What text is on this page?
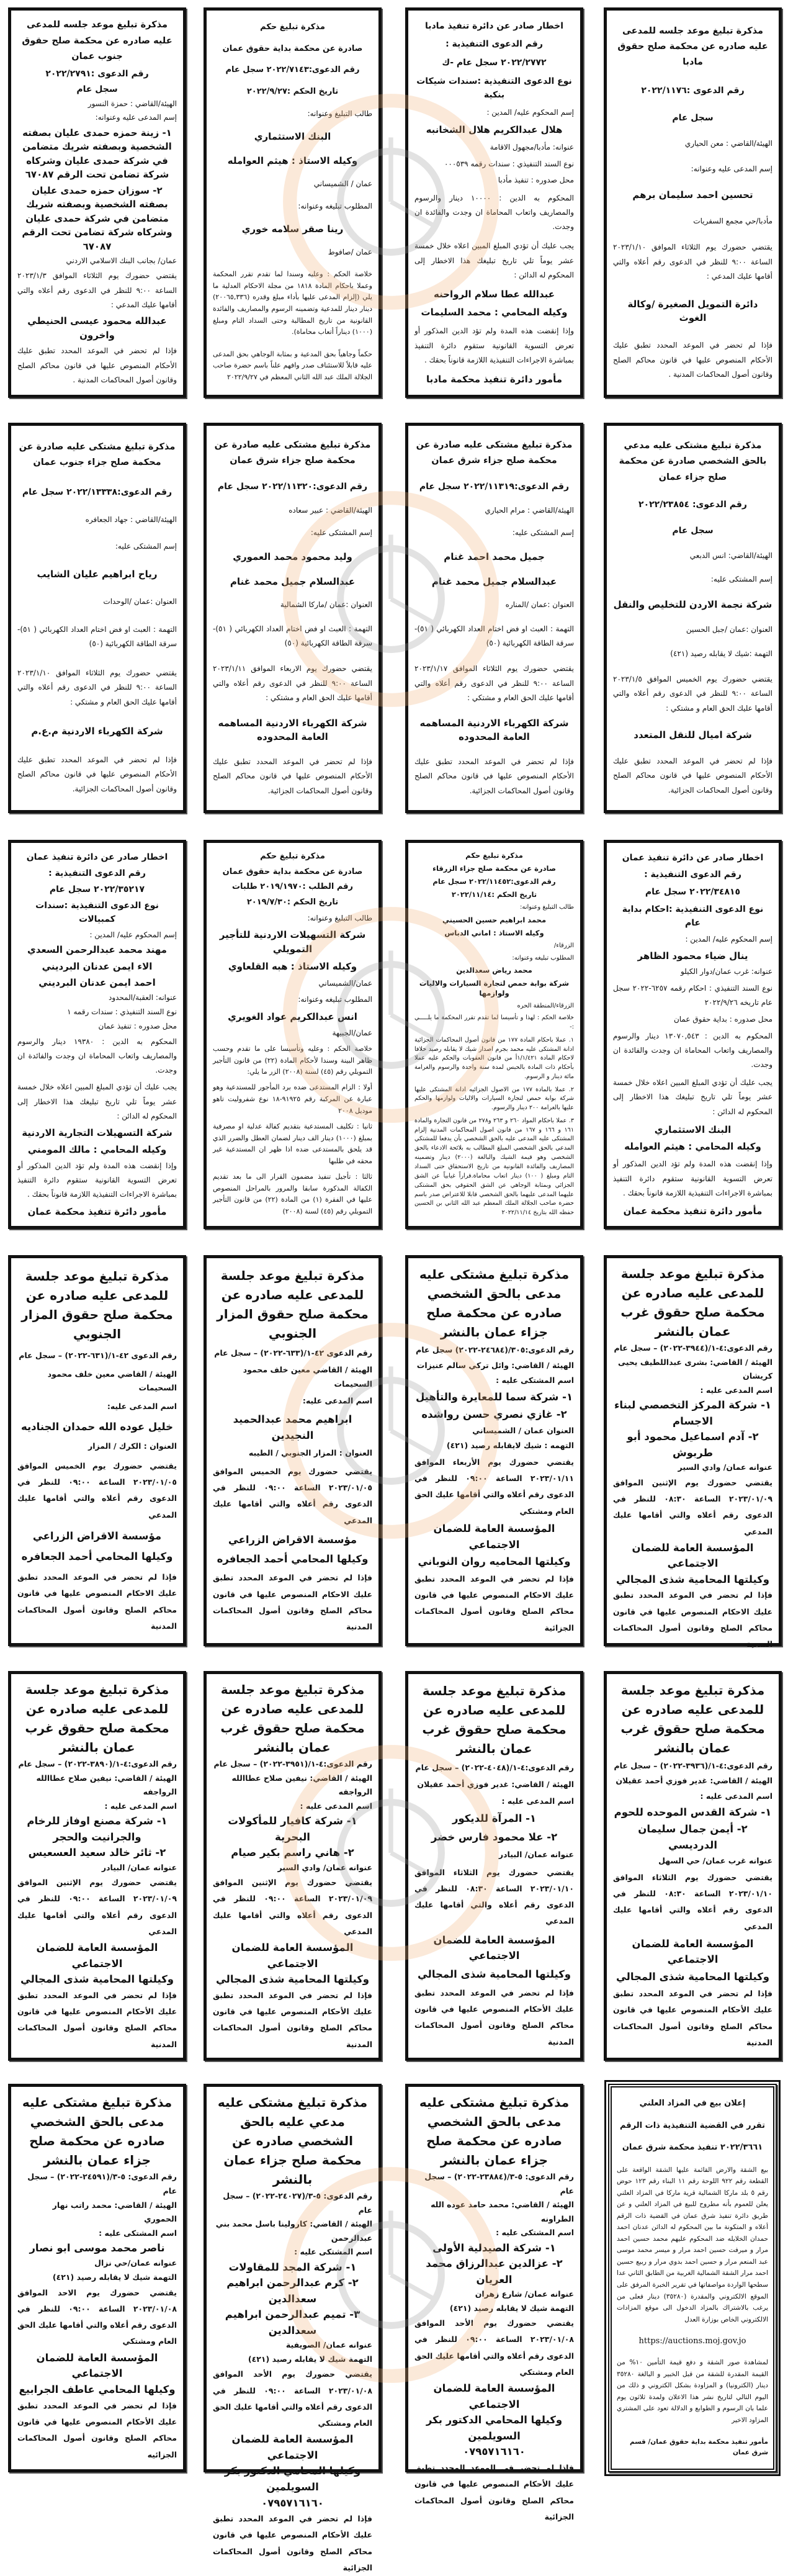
مذكرة تبليغ موعد جلسه للمدعى عليه صادره عن محكمة صلح حقوق مادبا

رقم الدعوى :٢٠٢٢/١١٧٦

سجل عام

الهيئة/القاضي : معن الحياري

إسم المدعى عليه وعنوانه:

تحسين احمد سليمان برهم

مأدبا/حي مجمع السفريات

يقتضي حضورك يوم الثلاثاء الموافق ٢٠٢٣/١/١٠ الساعة ٩:٠٠ للنظر في الدعوى رقم أعلاه والتي أقامها عليك المدعي :

دائرة التمويل الصغيرة /وكالة الغوث

فإذا لم تحضر في الموعد المحدد تطبق عليك الأحكام المنصوص عليها في قانون محاكم الصلح وقانون أصول المحاكمات المدنية .

اخطار صادر عن دائرة تنفيذ مادبا

رقم الدعوى التنفيذية :

٢٠٢٢/٢٧٧٢ سجل عام -ك

نوع الدعوى التنفيذية :سندات شيكات بنكية

إسم المحكوم عليه/ المدين :

هلال عبدالكريم هلال الشخانبه

عنوانه: مأدبا/مجهول الاقامة

نوع السند التنفيذي : سندات رقمه ٠٠٠٥٣٩

محل صدوره : تنفيذ مأدبا

المحكوم به الدين : ١٠٠٠٠ دينار والرسوم والمصاريف واتعاب المحاماة ان وجدت والفائدة ان وجدت.

يجب عليك أن تؤدي المبلغ المبين اعلاه خلال خمسة عشر يوماً تلي تاريخ تبليغك هذا الاخطار إلى المحكوم له الدائن :

عبدالله عطا سلام الرواحنه

وكيله المحامي : محمد السليمات

وإذا إنقضت هذه المدة ولم تؤد الدين المذكور أو تعرض التسوية القانونية ستقوم دائرة التنفيذ بمباشرة الاجراءات التنفيذية اللازمة قانوناً بحقك .

مأمور دائرة تنفيذ محكمة مادبا

مذكرة تبليغ حكم

صادرة عن محكمة بداية حقوق عمان

رقم الدعوى:٢٠٢٢/٧١٤٣ سجل عام

تاريخ الحكم :٢٠٢٢/٩/٢٧

طالب التبليغ وعنوانه:

البنك الاستثماري

وكيله الاستاذ : هيثم العوامله

عمان / الشميساني

المطلوب تبليغه وعنوانه:

رينا صقر سلامه خوري

عمان /صافوط

خلاصة الحكم : وعليه وسندا لما تقدم تقرر المحكمة وعملا باحكام المادة ١٨١٨ من مجلة الاحكام العدلية ما يلي (إلزام المدعى عليها بأداء مبلغ وقدره (٢٠٠٦٥,٣٣٦) دينار دينار للمدعية وتضمينه الرسوم والمصاريف والفائدة القانونية من تاريخ المطالبة وحتى السداد التام ومبلغ (١٠٠٠) ديناراً أتعاب محاماة).

حكماً وجاهياً بحق المدعية و بمثابة الوجاهي بحق المدعى عليه قابلاً للاستئناف صدر وافهم علناً باسم حضرة صاحب الجلالة الملك عبد الله الثاني المعظم في ٢٠٢٢/٩/٢٧

مذكرة تبليغ موعد جلسه للمدعى عليه صادره عن محكمة صلح حقوق جنوب عمان

رقم الدعوى :٢٠٢٢/٢٧٩١

سجل عام

الهيئة/القاضي : حمزة النسور

إسم المدعى عليه وعنوانه:

١- زينة حمزه حمدى عليان بصفته الشخصية وبصفته شريك متضامن في شركة حمدى عليان وشركاه شركة تضامن تحت الرقم ٦٧٠٨٧

٢- سوزان حمزه حمدى عليان بصفته الشخصية وبصفته شريك متضامن في شركة حمدى عليان وشركاه شركة تضامن تحت الرقم ٦٧٠٨٧

عمان/ بجانب البنك الاسلامي الاردني

يقتضي حضورك يوم الثلاثاء الموافق ٢٠٢٣/١/٣ الساعة ٩:٠٠ للنظر في الدعوى رقم أعلاه والتي أقامها عليك المدعي :

عبدالله محمود عيسى الحنيطي واخرون

فإذا لم تحضر في الموعد المحدد تطبق عليك الأحكام المنصوص عليها في قانون محاكم الصلح وقانون أصول المحاكمات المدنية .

مذكرة تبليغ مشتكى عليه مدعي بالحق الشخصي صادرة عن محكمة صلح جزاء عمان

رقم الدعوى: ٢٠٢٢/٢٣٨٥٤

سجل عام

الهيئة/القاضي: انس الدبعي

إسم المشتكى عليه:

شركة نجمة الاردن للتخليص والنقل

العنوان :عمان /جبل الحسين

التهمة :شيك لا يقابله رصيد (٤٢١)

يقتضي حضورك يوم الخميس الموافق ٢٠٢٣/١/٥ الساعة ٩:٠٠ للنظر في الدعوى رقم أعلاه والتي أقامها عليك الحق العام و مشتكي :

شركة اميال للنقل المتعدد

فإذا لم تحضر في الموعد المحدد تطبق عليك الأحكام المنصوص عليها في قانون محاكم الصلح وقانون أصول المحاكمات الجزائية.

مذكرة تبليغ مشتكى عليه صادرة عن محكمة صلح جزاء شرق عمان

رقم الدعوى:٢٠٢٢/١١٣١٩ سجل عام

الهيئة/القاضي : مرام الحياري

إسم المشتكى عليه:

جميل محمد احمد غنام

عبدالسلام جميل محمد غنام

العنوان :عمان /المناره

التهمة : العبث او فض اختام العداد الكهربائي ( ٥١)-سرقة الطاقة الكهربائية (٥٠)

يقتضي حضورك يوم الثلاثاء الموافق ٢٠٢٣/١/١٧ الساعة ٩:٠٠ للنظر في الدعوى رقم أعلاه والتي أقامها عليك الحق العام و مشتكي :

شركة الكهرباء الاردنية المساهمه العامة المحدوده

فإذا لم تحضر في الموعد المحدد تطبق عليك الأحكام المنصوص عليها في قانون محاكم الصلح وقانون أصول المحاكمات الجزائية.

مذكرة تبليغ مشتكى عليه صادرة عن محكمة صلح جزاء شرق عمان

رقم الدعوى:٢٠٢٢/١١٣٢٠ سجل عام

الهيئة/القاضي : عبير سعاده

إسم المشتكى عليه:

وليد محمود محمد العموري

عبدالسلام جميل محمد غنام

العنوان :عمان /ماركا الشمالية

التهمة : العبث او فض اختام العداد الكهربائي ( ٥١)-سرقة الطاقة الكهربائية (٥٠)

يقتضي حضورك يوم الاربعاء الموافق ٢٠٢٣/١/١١ الساعة ٩:٠٠ للنظر في الدعوى رقم أعلاه والتي أقامها عليك الحق العام و مشتكي :

شركة الكهرباء الاردنية المساهمه العامة المحدوده

فإذا لم تحضر في الموعد المحدد تطبق عليك الأحكام المنصوص عليها في قانون محاكم الصلح وقانون أصول المحاكمات الجزائية.

مذكرة تبليغ مشتكى عليه صادرة عن محكمة صلح جزاء جنوب عمان

رقم الدعوى:٢٠٢٢/١٣٣٣٨ سجل عام

الهيئة/القاضي : جهاد الجعافره

إسم المشتكى عليه:

رياح ابراهيم عليان الشايب

العنوان :عمان /الوحدات

التهمة : العبث او فض اختام العداد الكهربائي ( ٥١)-سرقة الطاقة الكهربائية (٥٠)

يقتضي حضورك يوم الثلاثاء الموافق ٢٠٢٣/١/١٠ الساعة ٩:٠٠ للنظر في الدعوى رقم أعلاه والتي أقامها عليك الحق العام و مشتكي :

شركة الكهرباء الاردنية م.ع.م

فإذا لم تحضر في الموعد المحدد تطبق عليك الأحكام المنصوص عليها في قانون محاكم الصلح وقانون أصول المحاكمات الجزائية.

اخطار صادر عن دائرة تنفيذ عمان

رقم الدعوى التنفيذية :

٢٠٢٢/٣٤٨١٥ سجل عام

نوع الدعوى التنفيذية :احكام بداية عام

إسم المحكوم عليه/ المدين :

ينال ضياء محمود الظاهر

عنوانه: غرب عمان/دوار الكيلو

نوع السند التنفيذي : احكام رقمه ٦٢٥٧-٢٠٢٢ سجل عام تاريخه ٢٠٢٢/٩/٢٦

محل صدوره : بداية حقوق عمان

المحكوم به الدين : ١٣٠٧٠,٥٤٣ دينار والرسوم والمصاريف واتعاب المحاماة ان وجدت والفائدة ان وجدت.

يجب عليك أن تؤدي المبلغ المبين اعلاه خلال خمسة عشر يوماً تلي تاريخ تبليغك هذا الاخطار إلى المحكوم له الدائن :

البنك الاستثماري

وكيله المحامي : هيثم العوامله

وإذا إنقضت هذه المدة ولم تؤد الدين المذكور أو تعرض التسوية القانونية ستقوم دائرة التنفيذ بمباشرة الاجراءات التنفيذية اللازمة قانوناً بحقك .

مأمور دائرة تنفيذ محكمة عمان

مذكرة تبليغ حكم

صادرة عن محكمة صلح جزاء الزرقاء

رقم الدعوى:٢٠٢٢/١١٤٥٢ سجل عام

تاريخ الحكم :٢٠٢٢/١١/١٤

طالب التبليغ وعنوانه:

محمد ابراهيم حسين الحسيني

وكيله الاستاذ : اماني الدباس

الزرقاء/

المطلوب تبليغه وعنوانه:

محمد رياض سعدالدين

شركة بوابة حمص لتجارة السيارات والاليات ولوازمها

الزرقاء/المنطقة الحره

خلاصة الحكم : لهذا و تأسيسا لما تقدم تقرر المحكمة ما يلـــــي :-

١. عملا باحكام المادة ١٧٧ من قانون أصول المحاكمات الجزائية ادانة المشتكى عليه محمد بجرم اصدار شيك لا يقابله رصيد خلافا لاحكام المادة ١/١/٤٢١أ من قانون العقوبات والحكم عليه عملا بأحكام ذات المادة بالحبس لمدة سنة واحدة والرسوم والغرامة مائة دينار و الرسوم.

٢. عملا بالمادة ١٧٧ من الاصول الجزائيه ادانة المشتكى عليها شركة بوابة حمص لتجارة السيارات والاليات ولوازمها والحكم عليها بالغرامة ٢٠٠ دينار والرسوم.

٣. عملا باحكام المواد ٢٦٠ و ٢٦٣ و٢٧٨ من قانون التجارة والمادة ١٦١ و ١٦٦ و ١٦٧ من قانون اصول المحاكمات المدنية إلزام المشتكى عليه المدعى عليه بالحق الشخصي بأن يدفعا للمشتكي المدعي بالحق الشخصي المبلغ المطالب به بلائحة الادعاء بالحق الشخصي وهو قيمة الشيك والبالغة (٢٠٠٠) دينار وتضمينه المصاريف والفائدة القانونية من تاريخ الاستحقاق حتى السداد التام ومبلغ ( ١٠٠) دينار اتعاب محاماة.قراراً غيابياً عن الشق الجزائي وبمثابة الوجاهي عن الشق الحقوقي بحق المشتكى عليهما المدعى عليهما بالحق الشخصي قابلا للاعتراض صدر باسم حضرة صاحب الجلالة الملك المعظم عبد الله الثاني بن الحسين حفظه الله بتاريخ ٢٠٢٢/١١/١٤

مذكرة تبليغ حكم

صادرة عن محكمة بداية حقوق عمان

رقم الطلب :٢٠١٩/١٩٧٠ طلبات

تاريخ الحكم :٢٠١٩/٧/٣٠

طالب التبليغ وعنوانه:

شركة التسهيلات الاردنية للتأجير التمويلي

وكيله الاستاذ : هبه القلعاوي

عمان/الشميساني

المطلوب تبليغه وعنوانه:

انس عبدالكريم عواد الغويري

عمان/الجبيهة

خلاصة الحكم : وعليه وتأسيسا على ما تقدم وحسب ظاهر البينة وسندا لأحكام المادة (٢٢) من قانون التأجير التمويلي رقم (٤٥) لسنة (٢٠٠٨) الزر ما يلي:

أولا : الزام المستدعى ضده برد المأجور للمستدعية وهو عبارة عن المركبة رقم ٩١٩٢٥-١٨ نوع شفروليت تاهو موديل ٢٠٠٨

ثانيا : تكليف المستدعية بتقديم كفالة عدلية او مصرفية بمبلغ (١٠٠٠) دينار الف دينار لضمان العطل والضرر الذي قد يلحق بالمستدعى ضده اذا ظهر ان المستدعية غير محقه في طلبها

ثالثا : تأجيل تنفيذ مضمون القرار الى ما بعد تقديم الكفالة المذكورة سابقا والمرور بالمراحل المنصوص عليها في الفقرة (١) من المادة (٢٢) من قانون التأجير التمويلي رقم (٤٥) لسنة (٢٠٠٨)

اخطار صادر عن دائرة تنفيذ عمان

رقم الدعوى التنفيذية :

٢٠٢٢/٣٥٢١٧ سجل عام

نوع الدعوى التنفيذية :سندات كمبيالات

إسم المحكوم عليه/ المدين :

مهند محمد عبدالرحمن السعدي

الاء ايمن عدنان البرديني

احمد ايمن عدنان البرديني

عنوانه: العقبة/المحدود

نوع السند التنفيذي : سندات رقمه ١

محل صدوره : تنفيذ عمان

المحكوم به الدين : ١٩٣٨٠ دينار والرسوم والمصاريف واتعاب المحاماة ان وجدت والفائدة ان وجدت.

يجب عليك أن تؤدي المبلغ المبين اعلاه خلال خمسة عشر يوماً تلي تاريخ تبليغك هذا الاخطار إلى المحكوم له الدائن :

شركة التسهيلات التجارية الاردنية

وكيله المحامي : مالك المومني

وإذا إنقضت هذه المدة ولم تؤد الدين المذكور أو تعرض التسوية القانونية ستقوم دائرة التنفيذ بمباشرة الاجراءات التنفيذية اللازمة قانوناً بحقك .

مأمور دائرة تنفيذ محكمة عمان

مذكرة تبليغ موعد جلسة للمدعى عليه صادره عن محكمة صلح حقوق غرب عمان بالنشر

رقم الدعوى:٤-١/(٣٩٤٤-٢٠٢٢) – سجل عام

الهيئة / القاضي: بشرى عبداللطيف يحيى كريشان

اسم المدعى عليه :

١- شركة المركز التخصصي لبناء الاجسام

٢- آدم اسماعيل محمود أبو طربوش

عنوانه عمان/ وادي السير

يقتضي حضورك يوم الإثنين الموافق ٢٠٢٣/٠١/٠٩ الساعة ٠٨:٣٠ للنظر في الدعوى رقم أعلاه والتي أقامها عليك المدعي

المؤسسة العامة للضمان الاجتماعي

وكيلتها المحامية شذى المجالي

فإذا لم تحضر في الموعد المحدد تطبق عليك الاحكام المنصوص عليها في قانون محاكم الصلح وقانون أصول المحاكمات المدنية

مذكرة تبليغ مشتكى عليه مدعى بالحق الشخصي صادره عن محكمة صلح جزاء عمان بالنشر

رقم الدعوى:٣٠٥/(٢٤٦٨٤-٢٠٢٢) سجل عام

الهيئة / القاضي: وائل تركي سالم عنيزات

اسم المشتكى عليه :

١- شركة سما للمعايرة والتأهيل

٢- غازي نصري حسن رواشده

العنوان عمان / الشميساني

التهمه : شيك لايقابله رصيد (٤٢١)

يقتضي حضورك يوم الأربعاء الموافق ٢٠٢٣/٠١/١١ الساعة ٠٩:٠٠ للنظر في الدعوى رقم أعلاه والتي أقامها عليك الحق العام ومشتكي

المؤسسة العامة للضمان الاجتماعي

وكيلتها المحاميه روان النوباني

فإذا لم تحضر في الموعد المحدد تطبق عليك الاحكام المنصوص عليها في قانون محاكم الصلح وقانون أصول المحاكمات الجزائية

مذكرة تبليغ موعد جلسة للمدعى عليه صادره عن محكمة صلح حقوق المزار الجنوبي

رقم الدعوى ٤٢-١/(٦٣٣-٢٠٢٢) – سجل عام

الهيئة / القاضي معين خلف محمود السحيمات

اسم المدعى عليه:

ابراهيم محمد عبدالحميد النجيدين

العنوان : المزار الجنوبي / الطيبه

يقتضي حضورك يوم الخميس الموافق ٢٠٢٣/٠١/٠٥ الساعة ٠٩:٠٠ للنظر في الدعوى رقم أعلاه والتي أقامها عليك المدعي

مؤسسة الاقراض الزراعي

وكيلها المحامي أحمد الجعافره

فإذا لم تحضر في الموعد المحدد تطبق عليك الاحكام المنصوص عليها في قانون محاكم الصلح وقانون أصول المحاكمات المدنية

مذكرة تبليغ موعد جلسة للمدعى عليه صادره عن محكمة صلح حقوق المزار الجنوبي

رقم الدعوى ٤٢-١/(٦٣١-٢٠٢٢) – سجل عام

الهيئة / القاضي معين خلف محمود السحيمات

اسم المدعى عليه:

خليل عوده الله حمدان الجناديه

العنوان : الكرك / المزار

يقتضي حضورك يوم الخميس الموافق ٢٠٢٣/٠١/٠٥ الساعة ٠٩:٠٠ للنظر في الدعوى رقم أعلاه والتي أقامها عليك المدعي

مؤسسة الاقراض الزراعي

وكيلها المحامي أحمد الجعافره

فإذا لم تحضر في الموعد المحدد تطبق عليك الاحكام المنصوص عليها في قانون محاكم الصلح وقانون أصول المحاكمات المدنية

مذكرة تبليغ موعد جلسة للمدعى عليه صادره عن محكمة صلح حقوق غرب عمان بالنشر

رقم الدعوى:٤-١/(٣٩٣٦-٢٠٢٢) – سجل عام

الهيئة / القاضي: غدير فوزي أحمد عقيلان

اسم المدعى عليه :

١- شركة القدس الموحده للحوم

٢- أيمن جمال سليمان الدرديسي

عنوانه غرب عمان/ حي السهل

يقتضي حضورك يوم الثلاثاء الموافق ٢٠٢٣/٠١/١٠ الساعة ٠٨:٣٠ للنظر في الدعوى رقم أعلاه والتي أقامها عليك المدعي

المؤسسة العامة للضمان الاجتماعي

وكيلتها المحامية شذى المجالي

فإذا لم تحضر في الموعد المحدد تطبق عليك الأحكام المنصوص عليها في قانون محاكم الصلح وقانون أصول المحاكمات المدنية

مذكرة تبليغ موعد جلسة للمدعى عليه صادره عن محكمة صلح حقوق غرب عمان بالنشر

رقم الدعوى:٤-١/(٤٠٤٨-٢٠٢٢) – سجل عام

الهيئة / القاضي: غدير فوزي أحمد عقيلان

اسم المدعى عليه :

١- المرآة للديكور

٢- علا محمود فارس خضر

عنوانه عمان/ البيادر

يقتضي حضورك يوم الثلاثاء الموافق ٢٠٢٣/٠١/١٠ الساعة ٠٨:٣٠ للنظر في الدعوى رقم أعلاه والتي أقامها عليك المدعي

المؤسسة العامة للضمان الاجتماعي

وكيلتها المحامية شذى المجالي

فإذا لم تحضر في الموعد المحدد تطبق عليك الأحكام المنصوص عليها في قانون محاكم الصلح وقانون أصول المحاكمات المدنية

مذكرة تبليغ موعد جلسة للمدعى عليه صادره عن محكمة صلح حقوق غرب عمان بالنشر

رقم الدعوى:٤-١/(٣٩٥١-٢٠٢٢) – سجل عام

الهيئة / القاضي: نيفين صلاح عطاالله الرواجفه

اسم المدعى عليه :

١- شركة كافيار للمأكولات البحرية

٢- هاني راسم بكير صيام

عنوانه عمان/ وادي السير

يقتضي حضورك يوم الإثنين الموافق ٢٠٢٣/٠١/٠٩ الساعة ٠٩:٠٠ للنظر في الدعوى رقم أعلاه والتي أقامها عليك المدعي

المؤسسة العامة للضمان الاجتماعي

وكيلتها المحامية شذى المجالي

فإذا لم تحضر في الموعد المحدد تطبق عليك الأحكام المنصوص عليها في قانون محاكم الصلح وقانون أصول المحاكمات المدنية

مذكرة تبليغ موعد جلسة للمدعى عليه صادره عن محكمة صلح حقوق غرب عمان بالنشر

رقم الدعوى:٤-١/(٣٨٩٠-٢٠٢٢) – سجل عام

الهيئة / القاضي: نيفين صلاح عطاالله الرواجفه

اسم المدعى عليه :

١- شركة مصنع اوفاز للرخام والجرانيت والحجر

٢- ثائر خالد سعيد العسعيس

عنوانه عمان/ البيادر

يقتضي حضورك يوم الإثنين الموافق ٢٠٢٣/٠١/٠٩ الساعة ٠٩:٠٠ للنظر في الدعوى رقم أعلاه والتي أقامها عليك المدعي

المؤسسة العامة للضمان الاجتماعي

وكيلتها المحامية شذى المجالي

فإذا لم تحضر في الموعد المحدد تطبق عليك الأحكام المنصوص عليها في قانون محاكم الصلح وقانون أصول المحاكمات المدنية

إعلان بيع في المزاد العلني

تقرر في القضية التنفيذية ذات الرقم

٢٠٢٢/٣٦٦١ تنفيذ محكمة شرق عمان

بيع الشقة والارض القائمة عليها الشقة الواقعة على القطعة رقم ٩٢٢ اللوحة رقم ١١ البناء رقم ١٢٣ حوض رقم ٥ بلد ماركا الشمالية قرية ماركا في المزاد العلني يعلن للعموم بأنه مطروح للبيع في المزاد العلني و عن طريق دائرة تنفيذ شرق عمان في القضية ذات الرقم أعلاه و المتكونة ما بين المحكوم له الدائن عدنان احمد حمدان الخلايله ضد المحكوم عليهم محمد حسين احمد مرار و ميرفت حسين احمد مرار و ميسر محمد موسى عبد المنعم مرار و حسين احمد بدوي مرار و ربيع حسين احمد مرار الشقة الشمالية الغربية من الطابق الثاني عدا سطحها الواردة مواصفاتها في تقرير الخبرة المرفق على الموقع الالكتروني والمقدرة (٣٥٢٨٠) دينار فعلى من يرغب بالاشتراك بالمزاد الدخول الى موقع المزادات الالكتروني الخاص بوزارة العدل

https://auctions.moj.gov.jo

لمشاهدة صور الشقة و دفع قيمة التأمين ١٠% من القيمة المقدرة للشقة من قبل الخبير و البالغة ٣٥٢٨٠ دينار (الكترونيا) و المزاودة بشكل الكتروني و ذلك من اليوم التالي لتاريخ نشر هذا الاعلان ولمدة ثلاثون يوم علما بان الرسوم و الطوابع و الدلالة تعود على المشتري المزاود الاخير

مأمور تنفيذ محكمة بداية حقوق عمان/ قسم شرق عمان

مذكرة تبليغ مشتكى عليه مدعى بالحق الشخصي صادره عن محكمة صلح جزاء عمان بالنشر

رقم الدعوى: ٥-٣/(٢٣٨٨٤-٢٠٢٢) – سجل عام

الهيئة / القاضي: محمد حامد عوده الله الطراونه

اسم المشتكى عليه :

١- شركة الصيدلية الأولى

٢- عزالدين عبدالرزاق محمد العريان

عنوانه عمان/ شارع زهران

التهمة شيك لا يقابله رصيد (٤٢١)

يقتضي حضورك يوم الأحد الموافق ٢٠٢٣/٠١/٠٨ الساعة ٠٩:٠٠ للنظر في الدعوى رقم أعلاه والتي أقامها عليك الحق العام ومشتكي

المؤسسة العامة للضمان الاجتماعي

وكيلها المحامي الدكتور بكر السويلمين

٠٧٩٥٧١٦١٦٠

فإذا لم تحضر في الموعد المحدد تطبق عليك الأحكام المنصوص عليها في قانون محاكم الصلح وقانون أصول المحاكمات الجزائية

مذكرة تبليغ مشتكى عليه مدعي عليه بالحق الشخصي صادره عن محكمة صلح جزاء عمان بالنشر

رقم الدعوى: ٥-٣/(٢٤٠٢٧-٢٠٢٢) – سجل عام

الهيئة / القاضي: كارولينا باسل محمد بني عبدالرحمن

اسم المشتكى عليه :

١- شركة المجد للمقاولات

٢- كرم عبدالرحمن ابراهيم سعدالدين

٣- تميم عبدالرحمن ابراهيم سعدالدين

عنوانه عمان/ الصويفية

التهمة شيك لا يقابله رصيد (٤٢١)

يقتضي حضورك يوم الأحد الموافق ٢٠٢٣/٠١/٠٨ الساعة ٠٩:٠٠ للنظر في الدعوى رقم أعلاه والتي أقامها عليك الحق العام ومشتكي

المؤسسة العامة للضمان الاجتماعي

وكيلها المحامي الدكتور بكر السويلمين

٠٧٩٥٧١٦١٦٠

فإذا لم تحضر في الموعد المحدد تطبق عليك الأحكام المنصوص عليها في قانون محاكم الصلح وقانون أصول المحاكمات الجزائية

مذكرة تبليغ مشتكى عليه مدعى بالحق الشخصي صادره عن محكمة صلح جزاء عمان بالنشر

رقم الدعوى: ٥-٣/(٢٤٥٩١-٢٠٢٢) – سجل عام

الهيئة / القاضي: محمد راتب نهار الحموري

اسم المشتكى عليه :

ناصر محمد موسى ابو نصار

عنوانه عمان/حي نزال

التهمة شيك لا يقابله رصيد (٤٢١)

يقتضي حضورك يوم الاحد الموافق ٢٠٢٣/٠١/٠٨ الساعة ٠٩:٠٠ للنظر في الدعوى رقم أعلاه والتي أقامها عليك الحق العام ومشتكي

المؤسسة العامة للضمان الاجتماعي

وكيلها المحامي عاطف الجرابيع

فإذا لم تحضر في الموعد المحدد تطبق عليك الأحكام المنصوص عليها في قانون محاكم الصلح وقانون أصول المحاكمات الجزائيه
